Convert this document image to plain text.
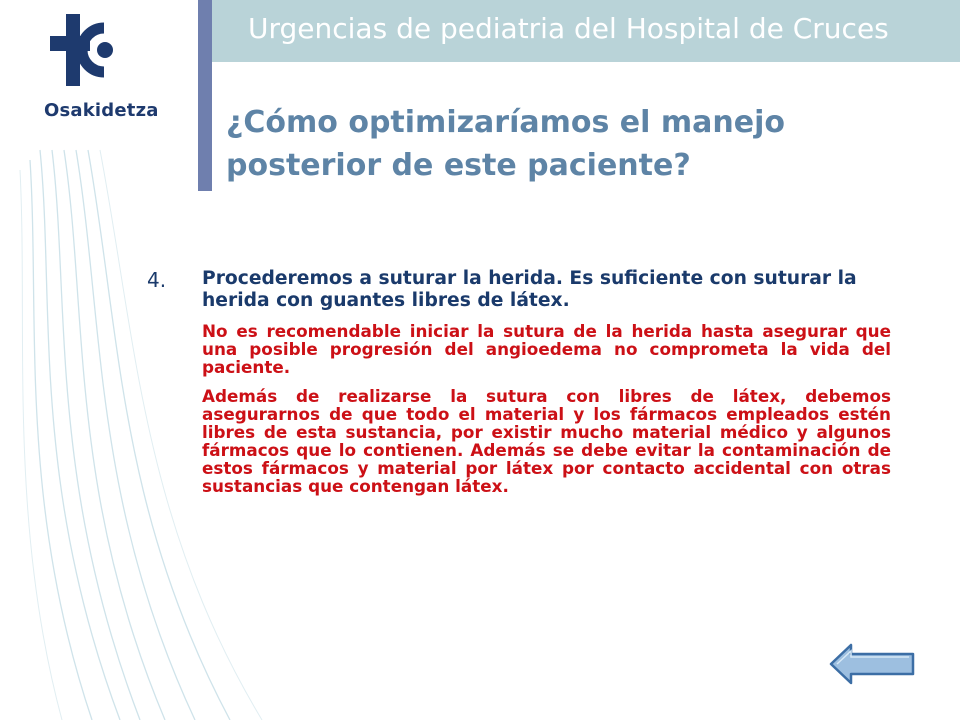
Osakidetza
Urgencias de pediatria del Hospital de Cruces
¿Cómo optimizaríamos el manejo posterior de este paciente?
4. Procederemos a suturar la herida. Es suficiente con suturar la herida con guantes libres de látex.

No es recomendable iniciar la sutura de la herida hasta asegurar que una posible progresión del angioedema no comprometa la vida del paciente.

Además de realizarse la sutura con libres de látex, debemos asegurarnos de que todo el material y los fármacos empleados estén libres de esta sustancia, por existir mucho material médico y algunos fármacos que lo contienen. Además se debe evitar la contaminación de estos fármacos y material por látex por contacto accidental con otras sustancias que contengan látex.
